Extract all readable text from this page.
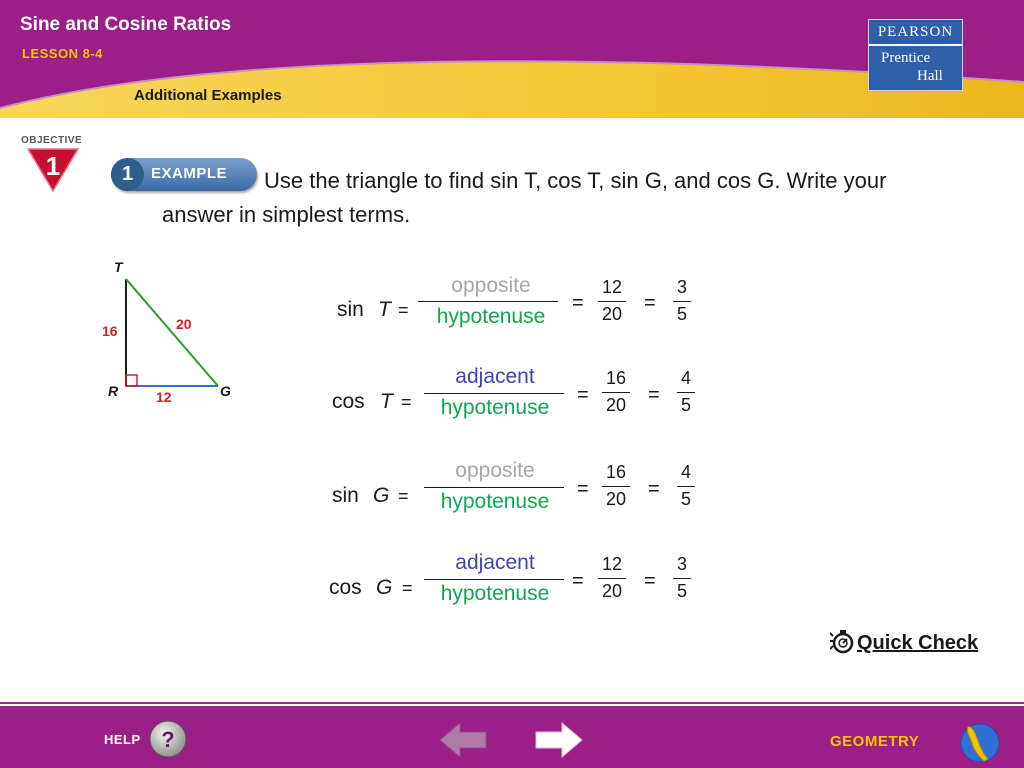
Sine and Cosine Ratios
LESSON 8-4
Additional Examples
PEARSON
Prentice
Hall
OBJECTIVE
1	1	EXAMPLE	Use the triangle to find sin T, cos T, sin G, and cos G. Write your answer in simplest terms.
T
R	G
16	20
12
sin T =
opposite
hypotenuse
=
12
20 =
3
5
cos T =
adjacent
hypotenuse
=
16
20 =
4
5
sin G =
opposite
hypotenuse
=
16
20 =
4
5
cos G =
adjacent
hypotenuse
=
12
20 =
3
5
Quick Check
HELP ?	GEOMETRY
